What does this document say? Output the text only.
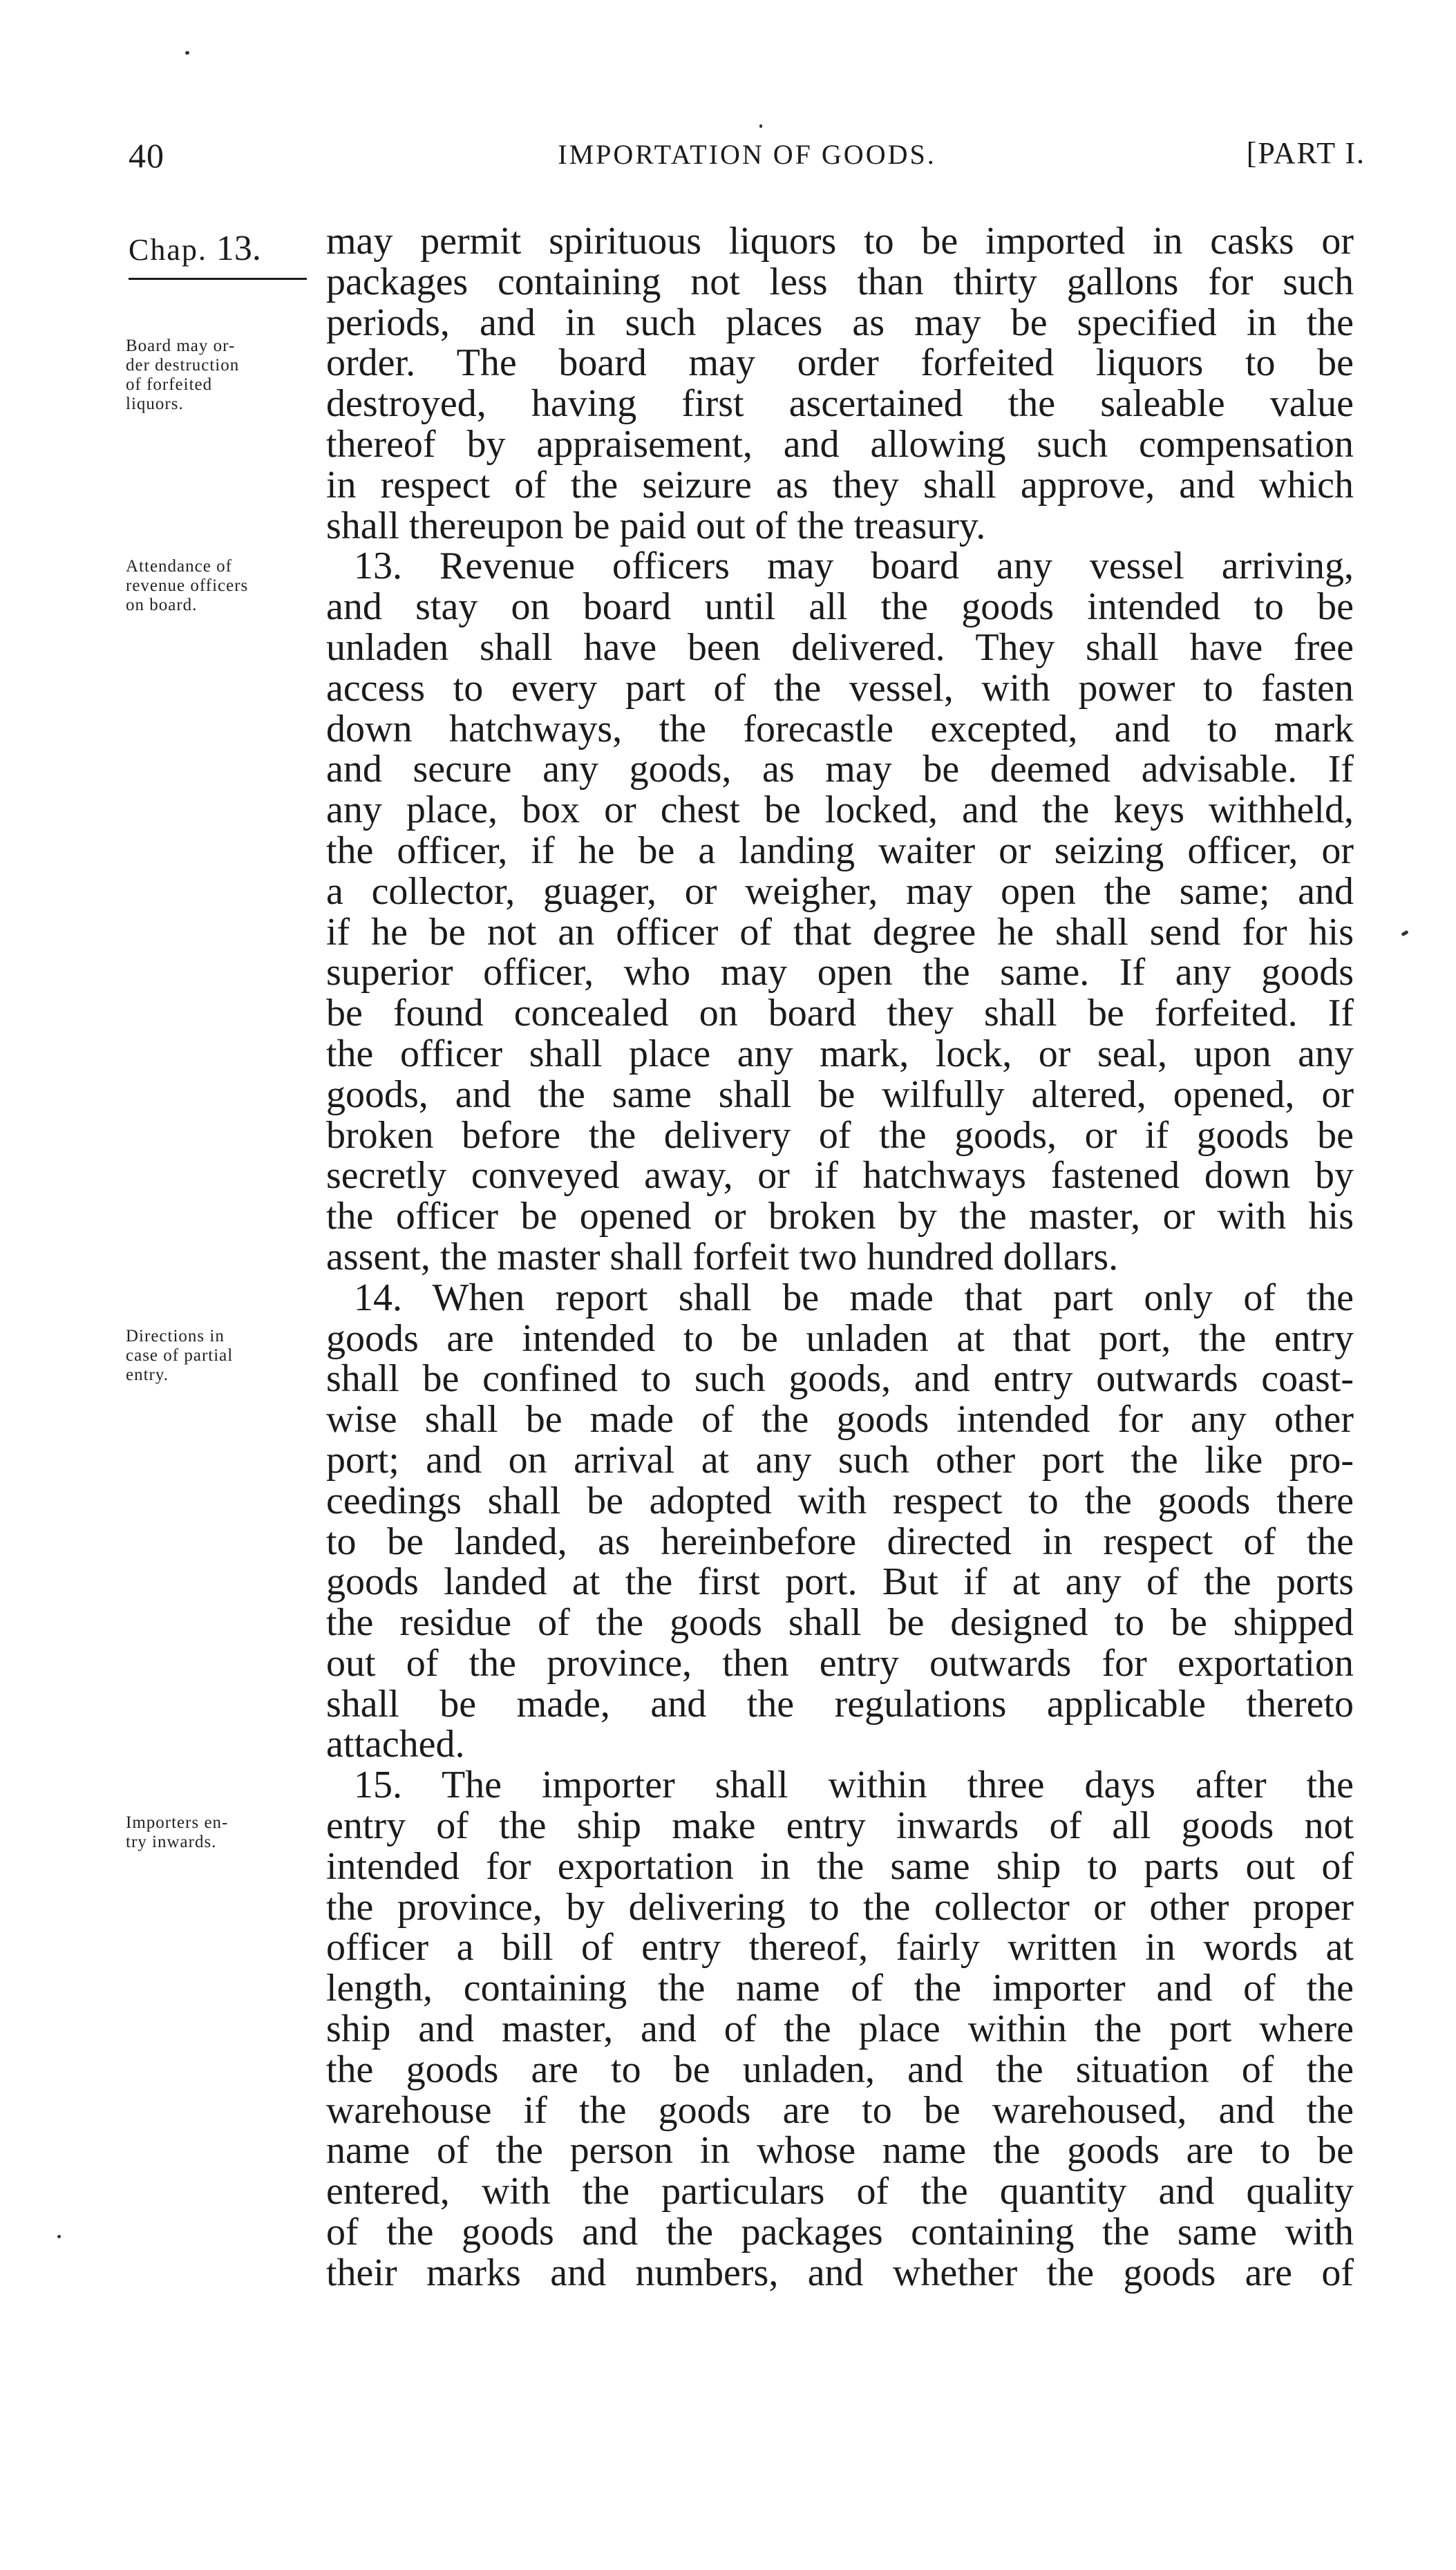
40	IMPORTATION OF GOODS.	[PART I.
Chap. 13.
Board may or-
der destruction
of forfeited
liquors.
Attendance of
revenue officers
on board.
Directions in
case of partial
entry.
Importers en-
try inwards.
may permit spirituous liquors to be imported in casks or
packages containing not less than thirty gallons for such
periods, and in such places as may be specified in the
order. The board may order forfeited liquors to be
destroyed, having first ascertained the saleable value
thereof by appraisement, and allowing such compensation
in respect of the seizure as they shall approve, and which
shall thereupon be paid out of the treasury.
13. Revenue officers may board any vessel arriving,
and stay on board until all the goods intended to be
unladen shall have been delivered. They shall have free
access to every part of the vessel, with power to fasten
down hatchways, the forecastle excepted, and to mark
and secure any goods, as may be deemed advisable. If
any place, box or chest be locked, and the keys withheld,
the officer, if he be a landing waiter or seizing officer, or
a collector, guager, or weigher, may open the same; and
if he be not an officer of that degree he shall send for his
superior officer, who may open the same. If any goods
be found concealed on board they shall be forfeited. If
the officer shall place any mark, lock, or seal, upon any
goods, and the same shall be wilfully altered, opened, or
broken before the delivery of the goods, or if goods be
secretly conveyed away, or if hatchways fastened down by
the officer be opened or broken by the master, or with his
assent, the master shall forfeit two hundred dollars.
14. When report shall be made that part only of the
goods are intended to be unladen at that port, the entry
shall be confined to such goods, and entry outwards coast-
wise shall be made of the goods intended for any other
port; and on arrival at any such other port the like pro-
ceedings shall be adopted with respect to the goods there
to be landed, as hereinbefore directed in respect of the
goods landed at the first port. But if at any of the ports
the residue of the goods shall be designed to be shipped
out of the province, then entry outwards for exportation
shall be made, and the regulations applicable thereto
attached.
15. The importer shall within three days after the
entry of the ship make entry inwards of all goods not
intended for exportation in the same ship to parts out of
the province, by delivering to the collector or other proper
officer a bill of entry thereof, fairly written in words at
length, containing the name of the importer and of the
ship and master, and of the place within the port where
the goods are to be unladen, and the situation of the
warehouse if the goods are to be warehoused, and the
name of the person in whose name the goods are to be
entered, with the particulars of the quantity and quality
of the goods and the packages containing the same with
their marks and numbers, and whether the goods are of
